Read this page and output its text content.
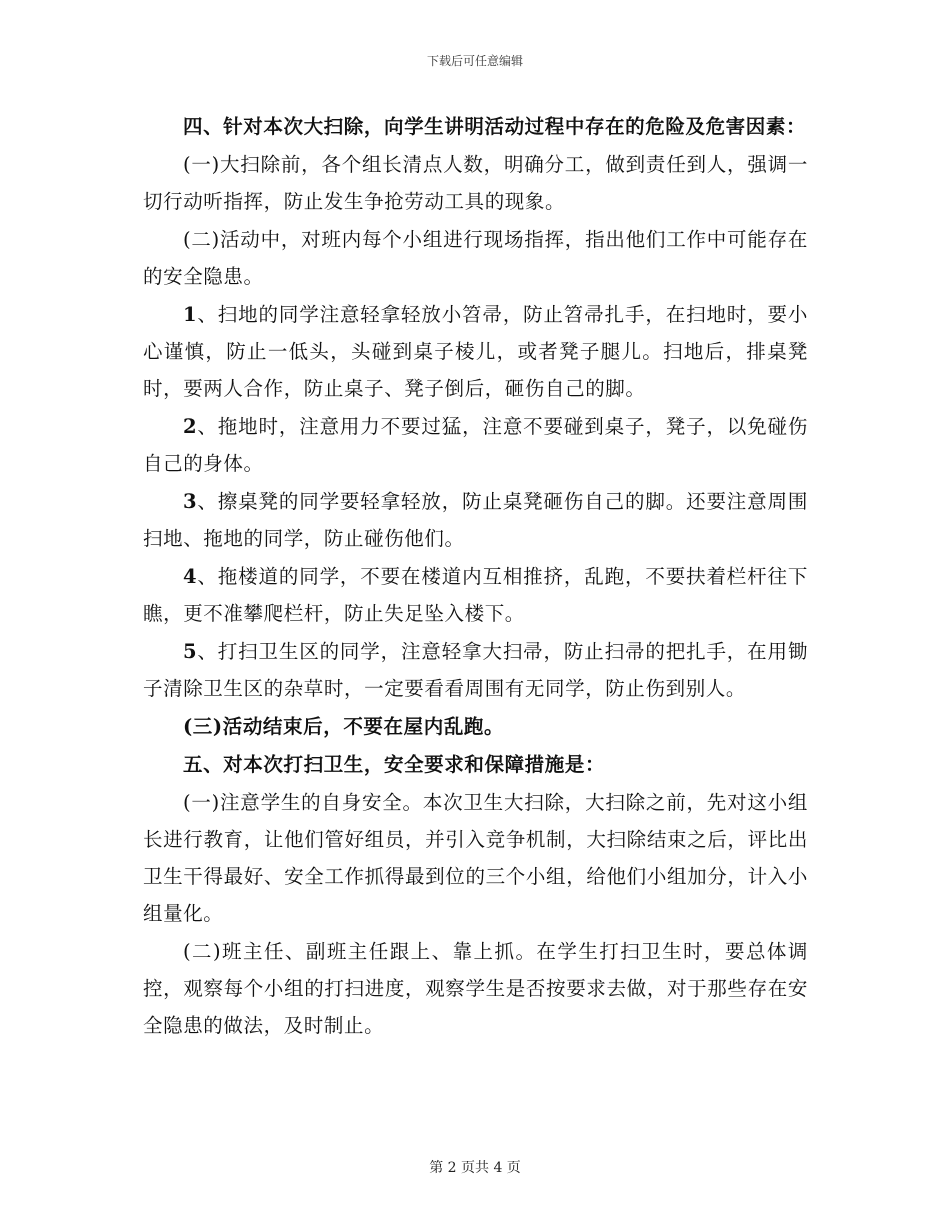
下载后可任意编辑

四、针对本次大扫除，向学生讲明活动过程中存在的危险及危害因素：

(一)大扫除前，各个组长清点人数，明确分工，做到责任到人，强调一切行动听指挥，防止发生争抢劳动工具的现象。

(二)活动中，对班内每个小组进行现场指挥，指出他们工作中可能存在的安全隐患。

1、扫地的同学注意轻拿轻放小笤帚，防止笤帚扎手，在扫地时，要小心谨慎，防止一低头，头碰到桌子棱儿，或者凳子腿儿。扫地后，排桌凳时，要两人合作，防止桌子、凳子倒后，砸伤自己的脚。

2、拖地时，注意用力不要过猛，注意不要碰到桌子，凳子，以免碰伤自己的身体。

3、擦桌凳的同学要轻拿轻放，防止桌凳砸伤自己的脚。还要注意周围扫地、拖地的同学，防止碰伤他们。

4、拖楼道的同学，不要在楼道内互相推挤，乱跑，不要扶着栏杆往下瞧，更不准攀爬栏杆，防止失足坠入楼下。

5、打扫卫生区的同学，注意轻拿大扫帚，防止扫帚的把扎手，在用锄子清除卫生区的杂草时，一定要看看周围有无同学，防止伤到别人。

(三)活动结束后，不要在屋内乱跑。

五、对本次打扫卫生，安全要求和保障措施是：

(一)注意学生的自身安全。本次卫生大扫除，大扫除之前，先对这小组长进行教育，让他们管好组员，并引入竞争机制，大扫除结束之后，评比出卫生干得最好、安全工作抓得最到位的三个小组，给他们小组加分，计入小组量化。

(二)班主任、副班主任跟上、靠上抓。在学生打扫卫生时，要总体调控，观察每个小组的打扫进度，观察学生是否按要求去做，对于那些存在安全隐患的做法，及时制止。

第 2 页共 4 页
